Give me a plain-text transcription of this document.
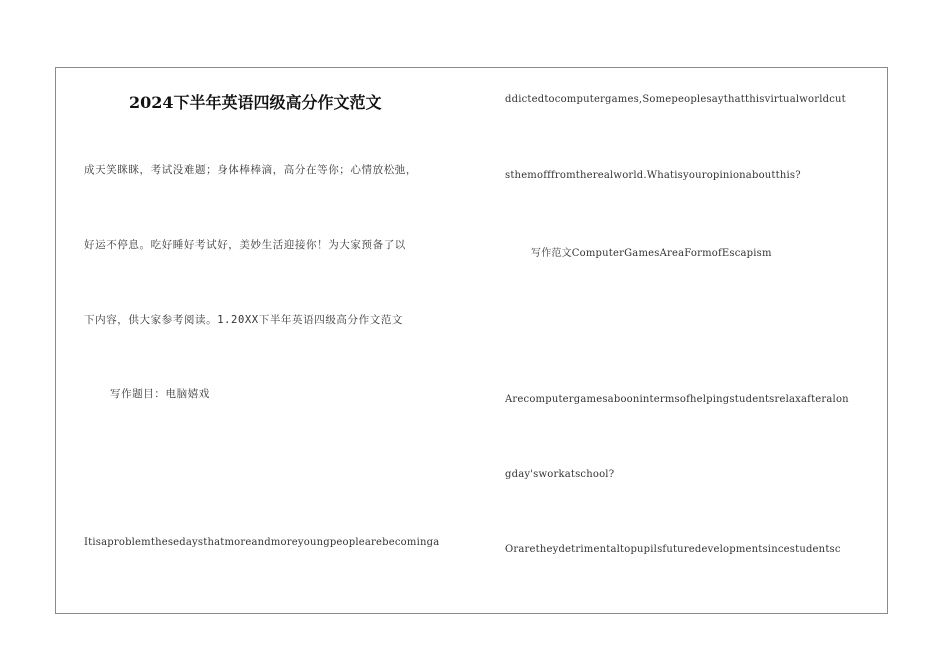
2024下半年英语四级高分作文范文
成天笑眯眯，考试没难题；身体棒棒滴，高分在等你；心情放松弛，
好运不停息。吃好睡好考试好，美妙生活迎接你！为大家预备了以
下内容，供大家参考阅读。1.20XX下半年英语四级高分作文范文
写作题目：电脑嬉戏
Itisaproblemthesedaysthatmoreandmoreyoungpeoplearebecominga
ddictedtocomputergames,Somepeoplesaythatthisvirtualworldcut
sthemofffromtherealworld.Whatisyouropinionaboutthis?
写作范文ComputerGamesAreaFormofEscapism
Arecomputergamesaboonintermsofhelpingstudentsrelaxafteralon
gday'sworkatschool?
Oraretheydetrimentaltopupilsfuturedevelopmentsincestudentsc
